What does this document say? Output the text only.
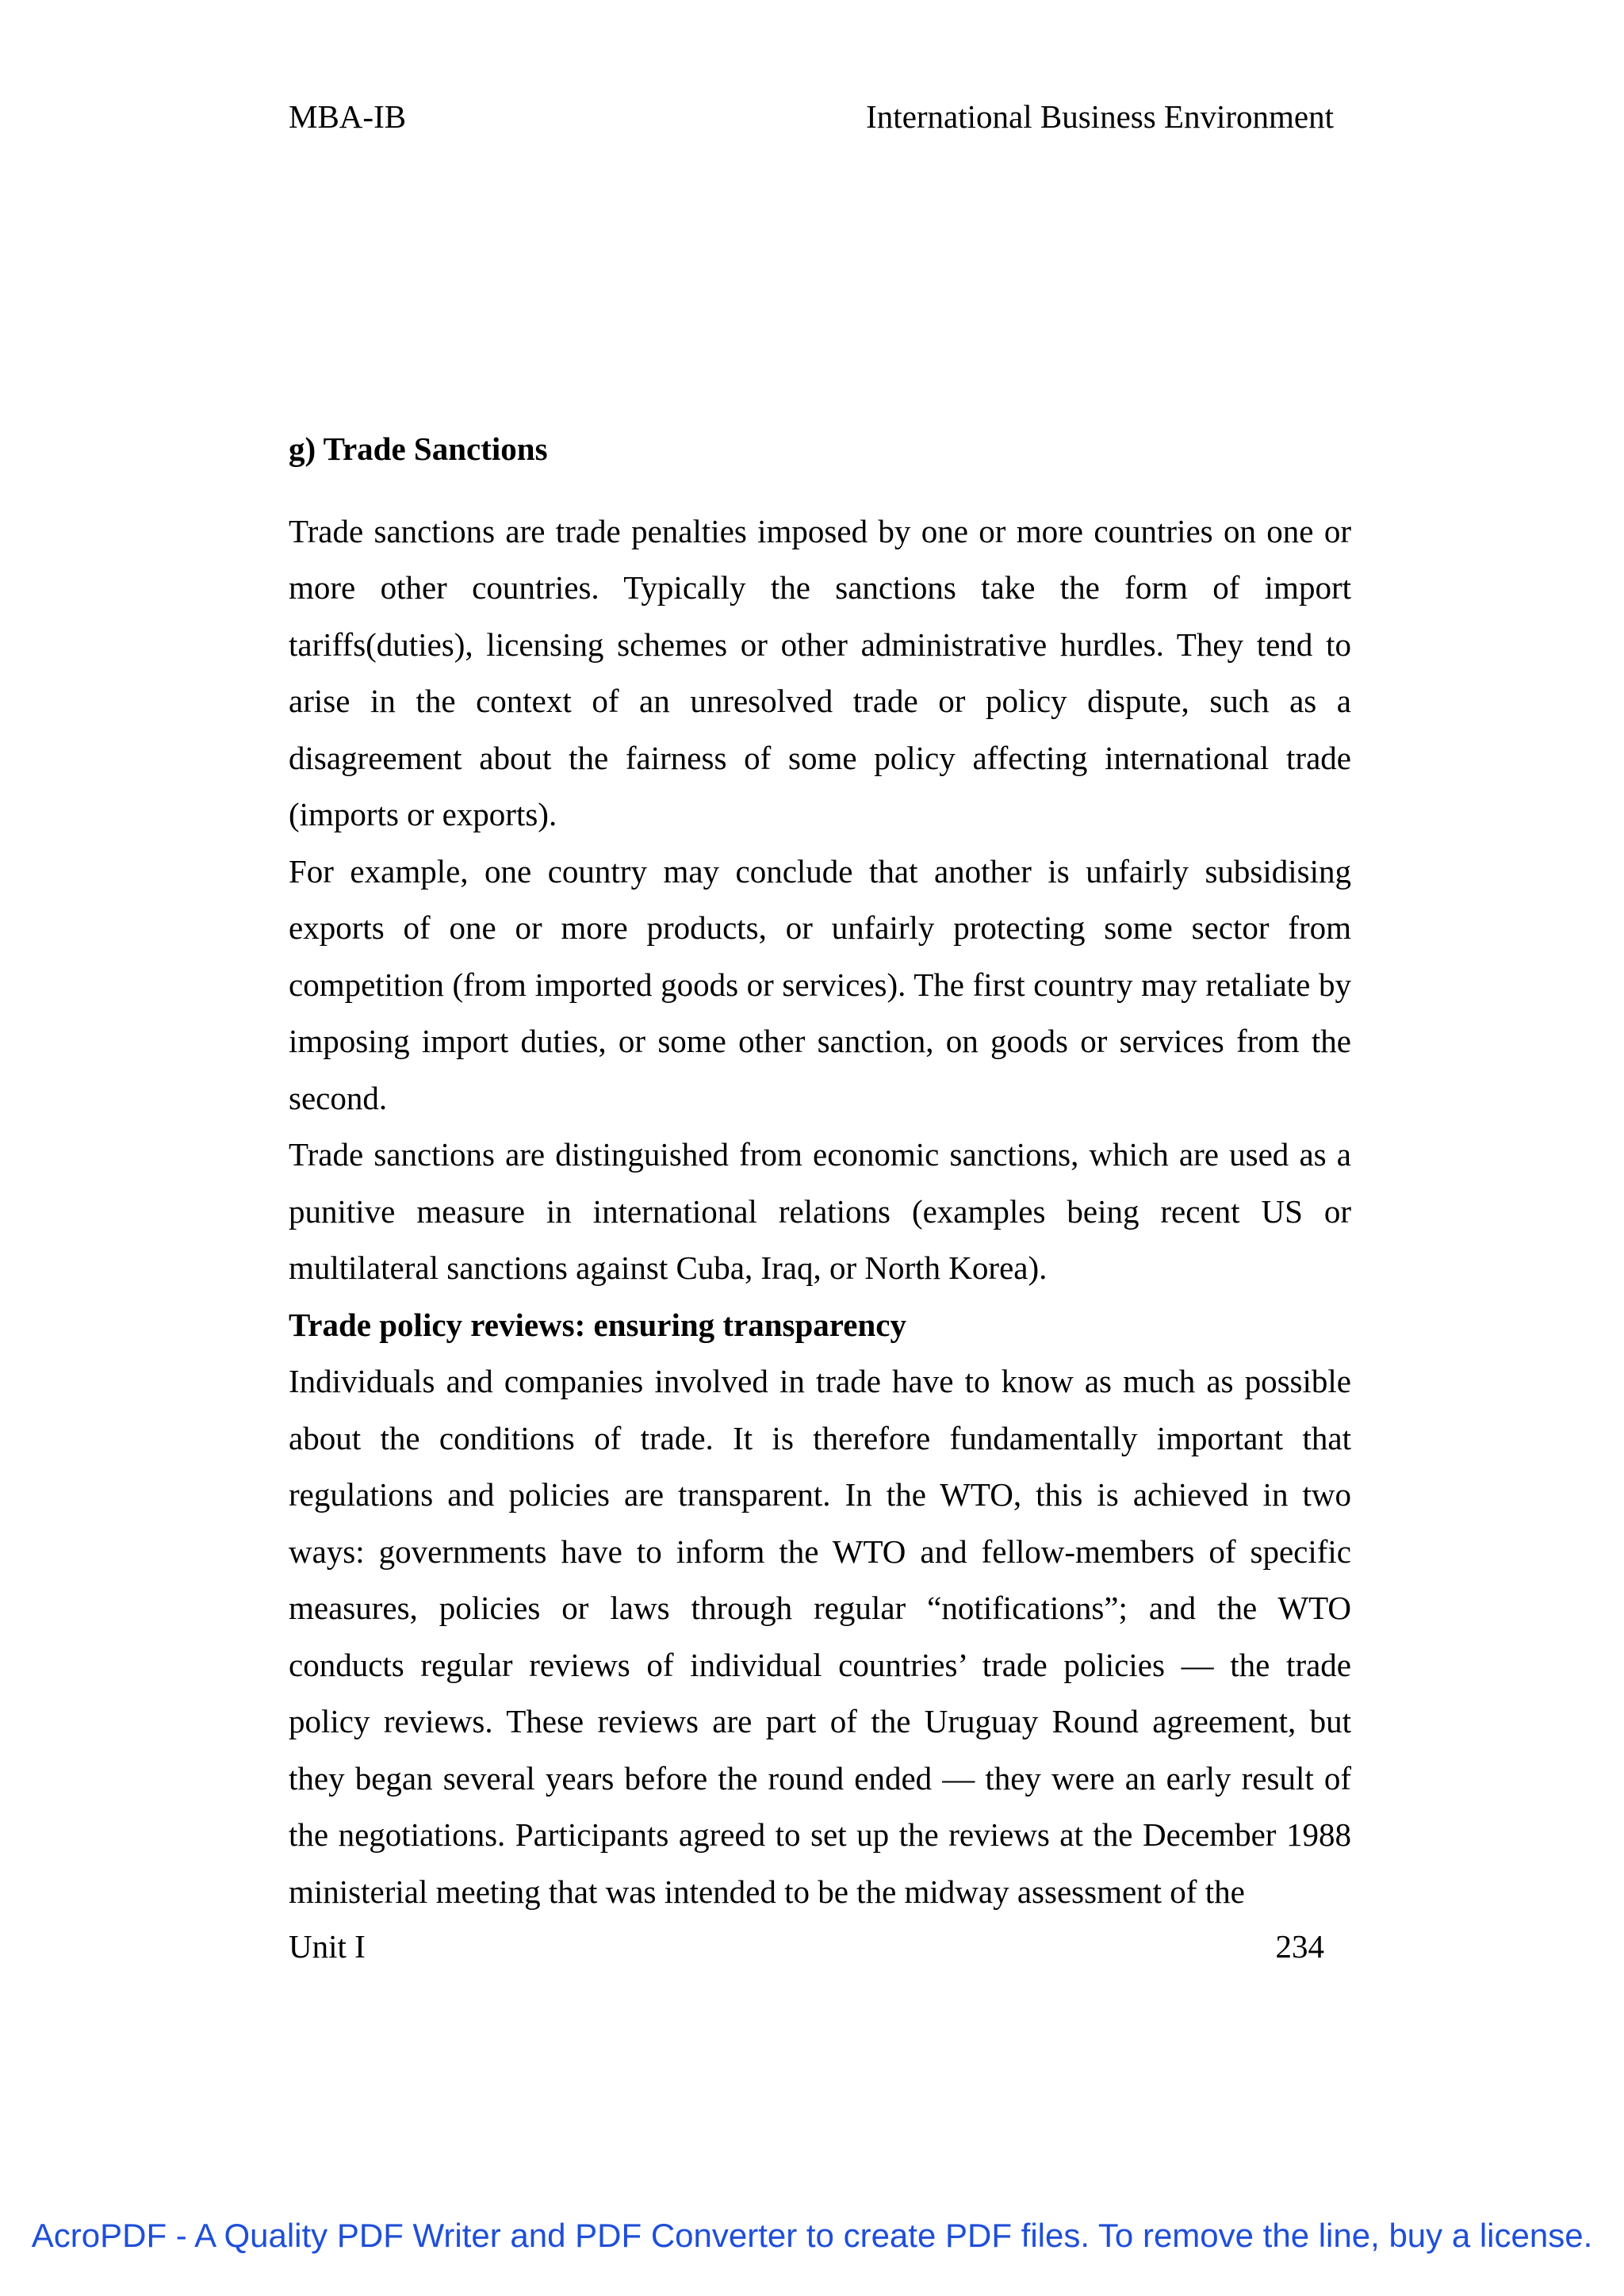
MBA-IB	International Business Environment

g) Trade Sanctions

Trade sanctions are trade penalties imposed by one or more countries on one or more other countries. Typically the sanctions take the form of import tariffs(duties), licensing schemes or other administrative hurdles. They tend to arise in the context of an unresolved trade or policy dispute, such as a disagreement about the fairness of some policy affecting international trade (imports or exports).

For example, one country may conclude that another is unfairly subsidising exports of one or more products, or unfairly protecting some sector from competition (from imported goods or services). The first country may retaliate by imposing import duties, or some other sanction, on goods or services from the second.

Trade sanctions are distinguished from economic sanctions, which are used as a punitive measure in international relations (examples being recent US or multilateral sanctions against Cuba, Iraq, or North Korea).

Trade policy reviews: ensuring transparency

Individuals and companies involved in trade have to know as much as possible about the conditions of trade. It is therefore fundamentally important that regulations and policies are transparent. In the WTO, this is achieved in two ways: governments have to inform the WTO and fellow-members of specific measures, policies or laws through regular “notifications”; and the WTO conducts regular reviews of individual countries’ trade policies — the trade policy reviews. These reviews are part of the Uruguay Round agreement, but they began several years before the round ended — they were an early result of the negotiations. Participants agreed to set up the reviews at the December 1988 ministerial meeting that was intended to be the midway assessment of the

Unit I	234
AcroPDF - A Quality PDF Writer and PDF Converter to create PDF files. To remove the line, buy a license.
